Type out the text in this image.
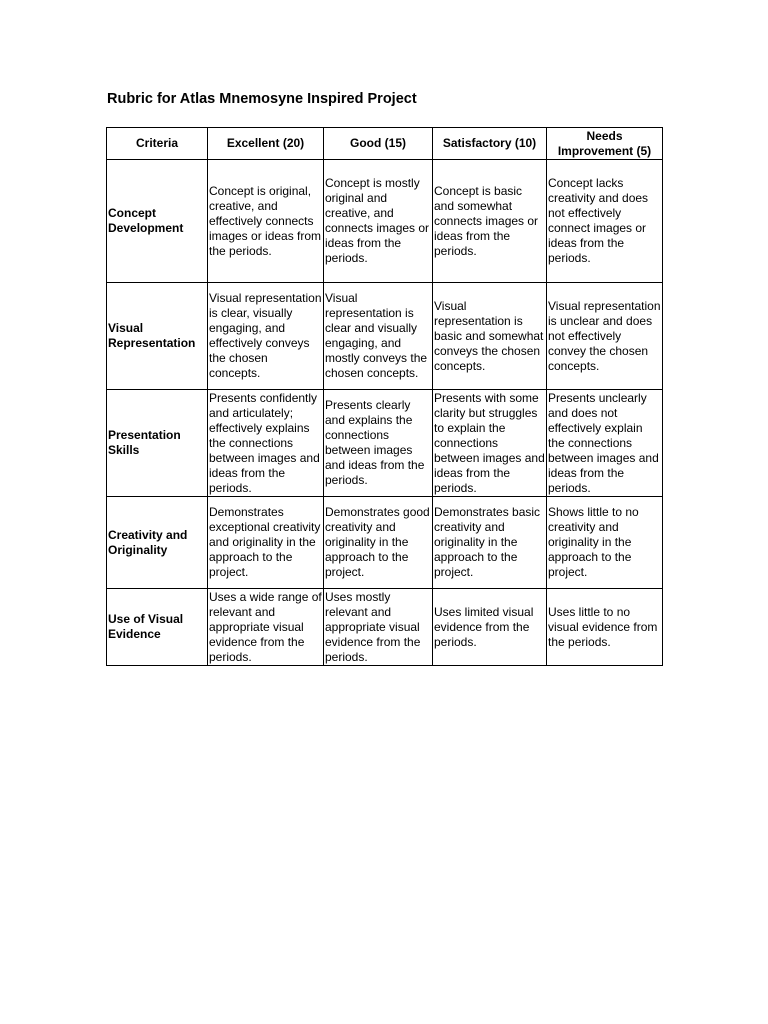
Rubric for Atlas Mnemosyne Inspired Project
Criteria	Excellent (20)	Good (15)	Satisfactory (10)	Needs Improvement (5)
Concept Development	Concept is original, creative, and effectively connects images or ideas from the periods.	Concept is mostly original and creative, and connects images or ideas from the periods.	Concept is basic and somewhat connects images or ideas from the periods.	Concept lacks creativity and does not effectively connect images or ideas from the periods.
Visual Representation	Visual representation is clear, visually engaging, and effectively conveys the chosen concepts.	Visual representation is clear and visually engaging, and mostly conveys the chosen concepts.	Visual representation is basic and somewhat conveys the chosen concepts.	Visual representation is unclear and does not effectively convey the chosen concepts.
Presentation Skills	Presents confidently and articulately; effectively explains the connections between images and ideas from the periods.	Presents clearly and explains the connections between images and ideas from the periods.	Presents with some clarity but struggles to explain the connections between images and ideas from the periods.	Presents unclearly and does not effectively explain the connections between images and ideas from the periods.
Creativity and Originality	Demonstrates exceptional creativity and originality in the approach to the project.	Demonstrates good creativity and originality in the approach to the project.	Demonstrates basic creativity and originality in the approach to the project.	Shows little to no creativity and originality in the approach to the project.
Use of Visual Evidence	Uses a wide range of relevant and appropriate visual evidence from the periods.	Uses mostly relevant and appropriate visual evidence from the periods.	Uses limited visual evidence from the periods.	Uses little to no visual evidence from the periods.
